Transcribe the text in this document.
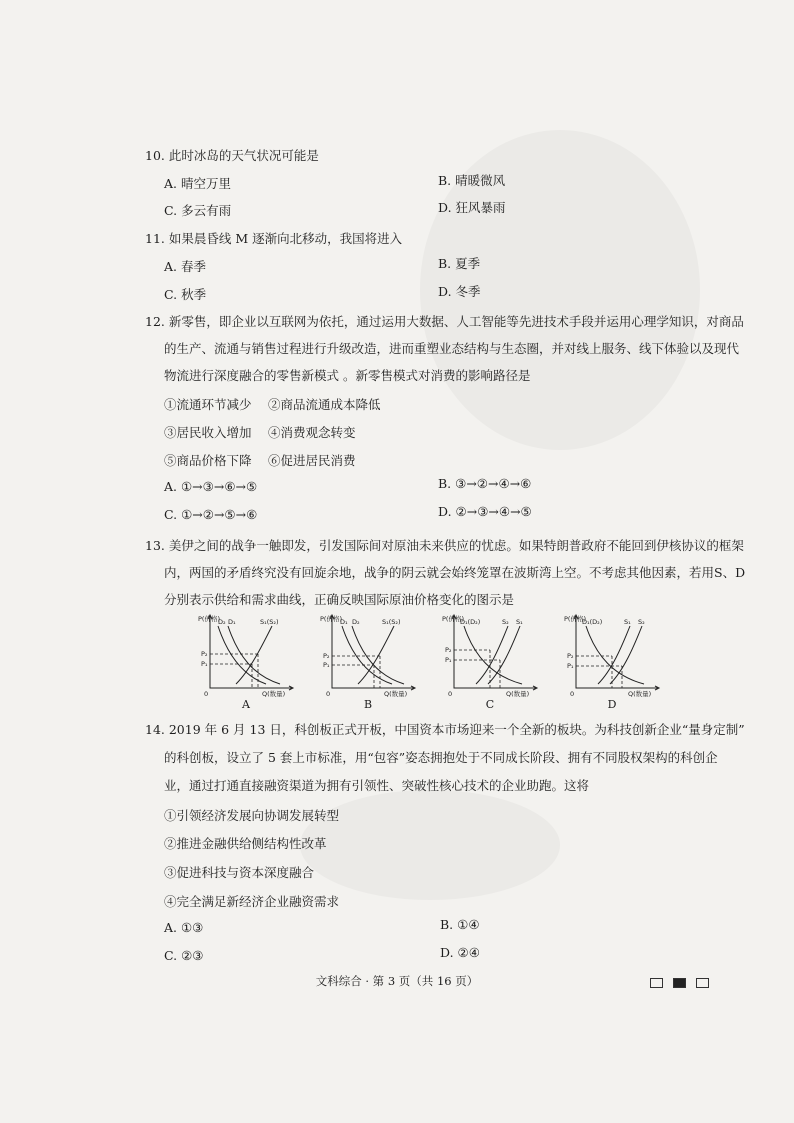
10. 此时冰岛的天气状况可能是
A. 晴空万里	B. 晴暖微风
C. 多云有雨	D. 狂风暴雨
11. 如果晨昏线 M 逐渐向北移动，我国将进入
A. 春季	B. 夏季
C. 秋季	D. 冬季
12. 新零售，即企业以互联网为依托，通过运用大数据、人工智能等先进技术手段并运用心理学知识，对商品
的生产、流通与销售过程进行升级改造，进而重塑业态结构与生态圈，并对线上服务、线下体验以及现代
物流进行深度融合的零售新模式 。新零售模式对消费的影响路径是
①流通环节减少 ②商品流通成本降低
③居民收入增加 ④消费观念转变
⑤商品价格下降 ⑥促进居民消费
A. ①→③→⑥→⑤	B. ③→②→④→⑥
C. ①→②→⑤→⑥	D. ②→③→④→⑤
13. 美伊之间的战争一触即发，引发国际间对原油未来供应的忧虑。如果特朗普政府不能回到伊核协议的框架
内，两国的矛盾终究没有回旋余地，战争的阴云就会始终笼罩在波斯湾上空。不考虑其他因素，若用S、D
分别表示供给和需求曲线，正确反映国际原油价格变化的图示是
P(价格)
D₂ D₁	S₁(S₂)
P₂
P₁
0	Q(数量)
A
P(价格)
D₁ D₂	S₁(S₂)
P₂
P₁
0	Q(数量)
B
P(价格)
D₁(D₂)	S₂ S₁
P₂
P₁
0	Q(数量)
C
P(价格)
D₁(D₂)	S₁ S₂
P₂
P₁
0	Q(数量)
D
14. 2019 年 6 月 13 日，科创板正式开板，中国资本市场迎来一个全新的板块。为科技创新企业“量身定制”
的科创板，设立了 5 套上市标准，用“包容”姿态拥抱处于不同成长阶段、拥有不同股权架构的科创企
业，通过打通直接融资渠道为拥有引领性、突破性核心技术的企业助跑。这将
①引领经济发展向协调发展转型
②推进金融供给侧结构性改革
③促进科技与资本深度融合
④完全满足新经济企业融资需求
A. ①③	B. ①④
C. ②③	D. ②④
文科综合 · 第 3 页（共 16 页）
